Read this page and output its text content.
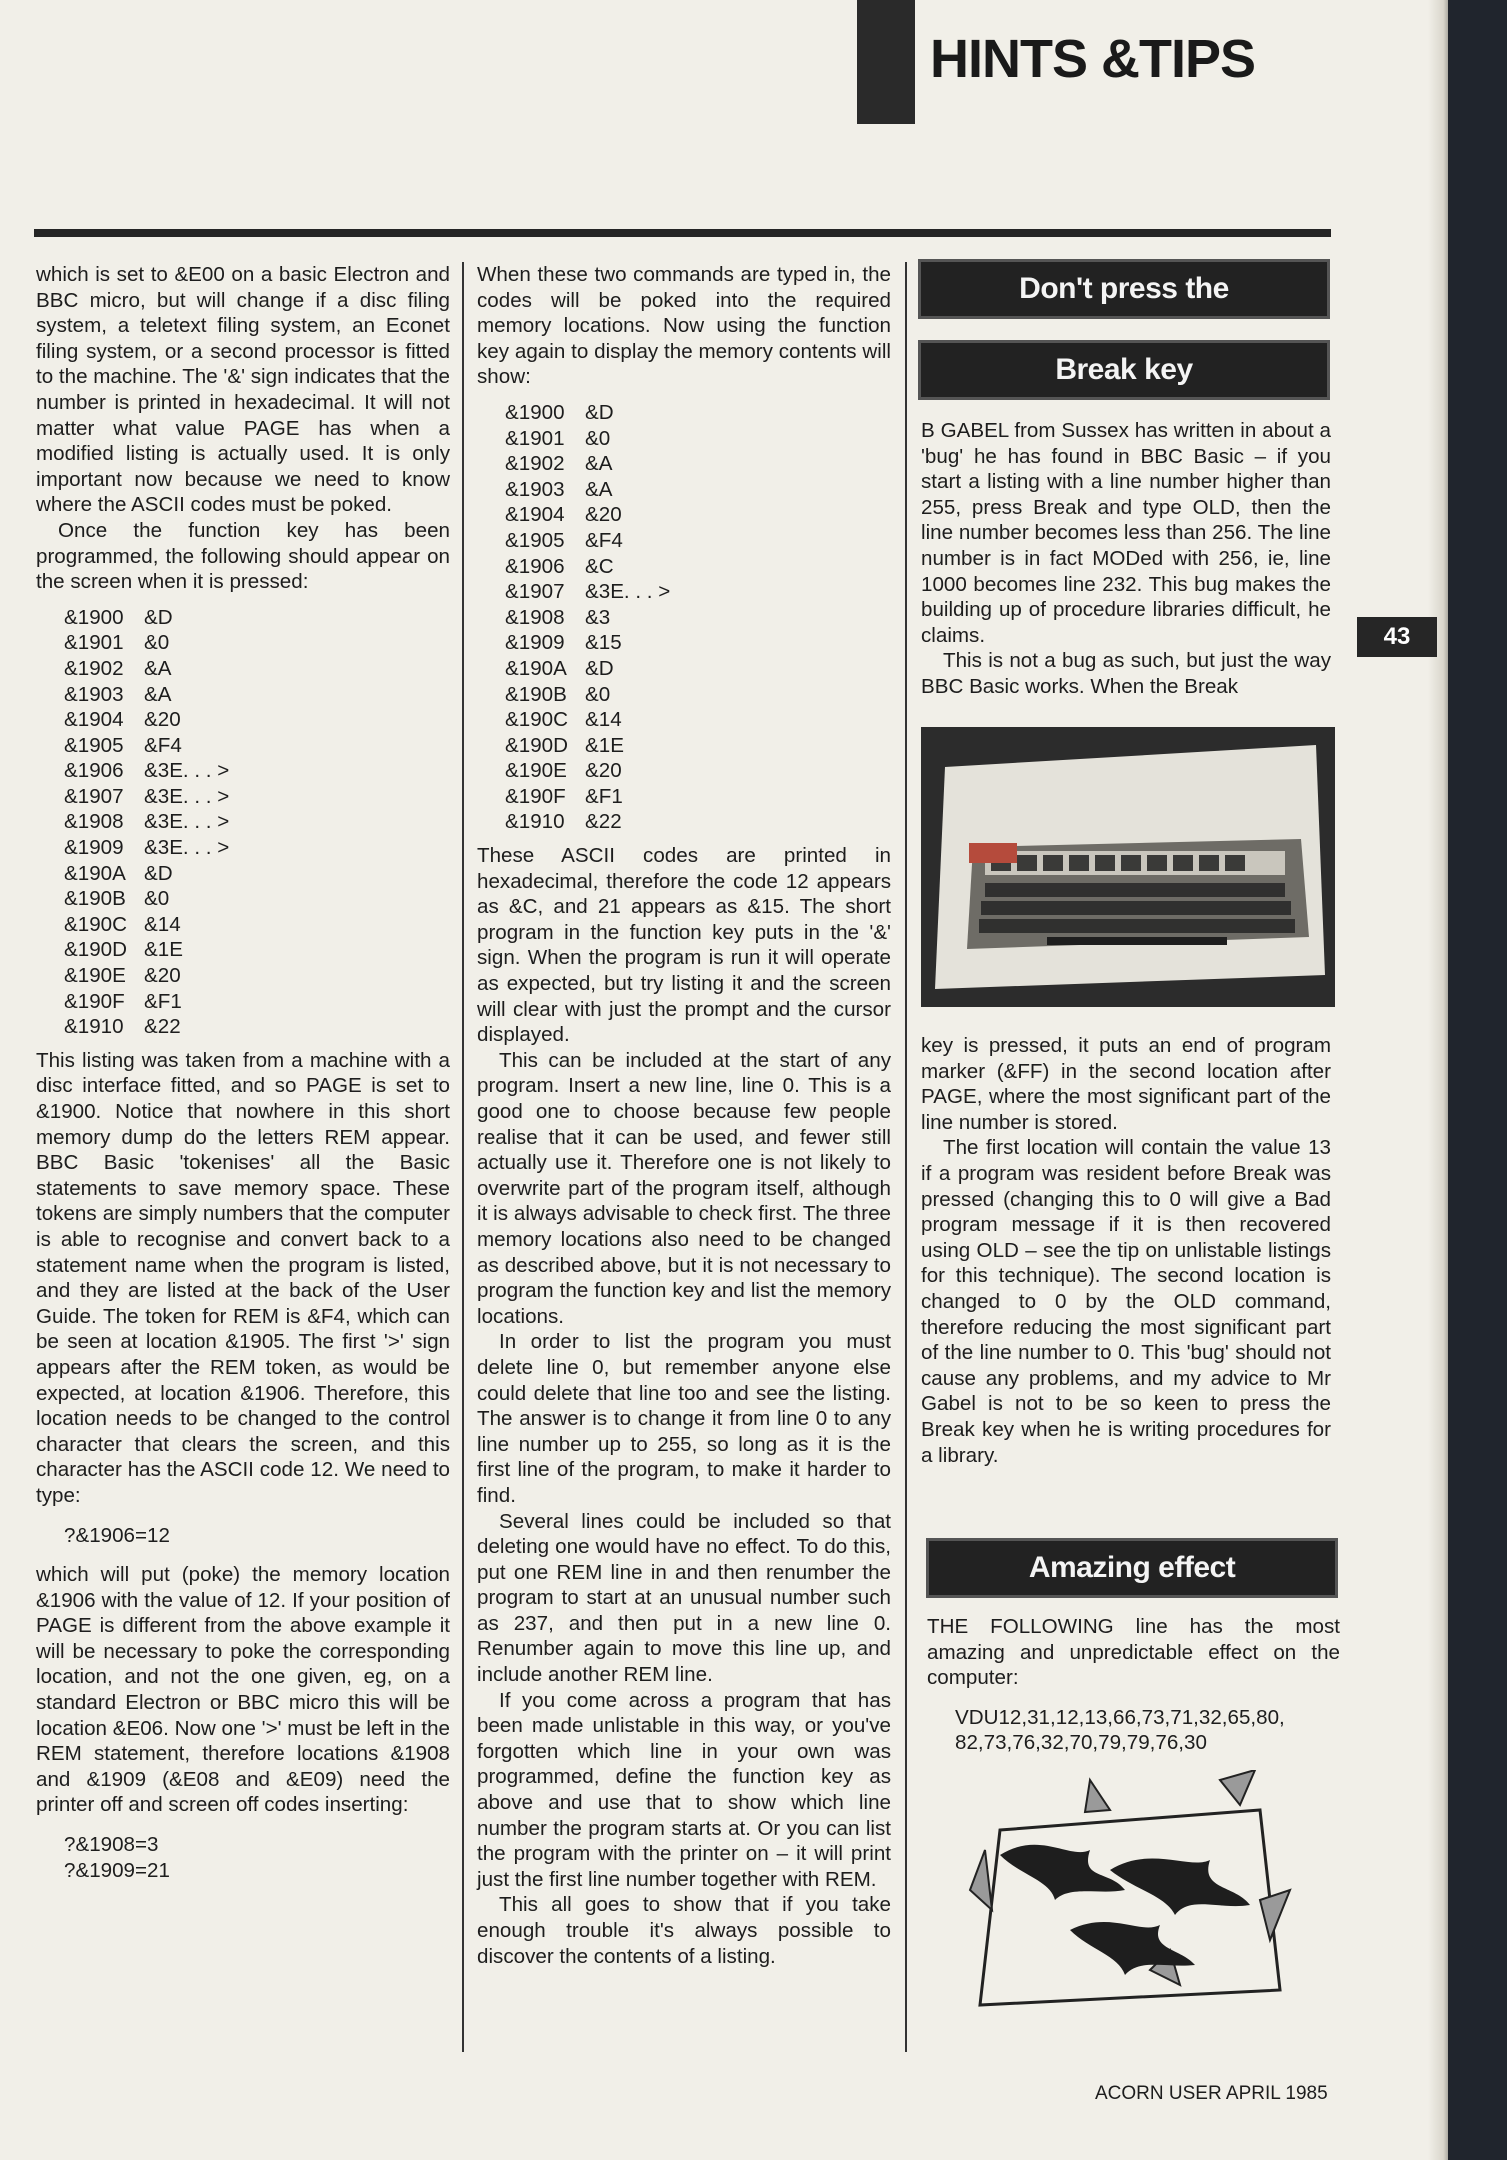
HINTS &TIPS

which is set to &E00 on a basic Electron and BBC micro, but will change if a disc filing system, a teletext filing system, an Econet filing system, or a second processor is fitted to the machine. The '&' sign indicates that the number is printed in hexadecimal. It will not matter what value PAGE has when a modified listing is actually used. It is only important now because we need to know where the ASCII codes must be poked.

Once the function key has been programmed, the following should appear on the screen when it is pressed:

&1900 &D
&1901 &0
&1902 &A
&1903 &A
&1904 &20
&1905 &F4
&1906 &3E. . . >
&1907 &3E. . . >
&1908 &3E. . . >
&1909 &3E. . . >
&190A &D
&190B &0
&190C &14
&190D &1E
&190E &20
&190F &F1
&1910 &22

This listing was taken from a machine with a disc interface fitted, and so PAGE is set to &1900. Notice that nowhere in this short memory dump do the letters REM appear. BBC Basic 'tokenises' all the Basic statements to save memory space. These tokens are simply numbers that the computer is able to recognise and convert back to a statement name when the program is listed, and they are listed at the back of the User Guide. The token for REM is &F4, which can be seen at location &1905. The first '>' sign appears after the REM token, as would be expected, at location &1906. Therefore, this location needs to be changed to the control character that clears the screen, and this character has the ASCII code 12. We need to type:

?&1906=12

which will put (poke) the memory location &1906 with the value of 12. If your position of PAGE is different from the above example it will be necessary to poke the corresponding location, and not the one given, eg, on a standard Electron or BBC micro this will be location &E06. Now one '>' must be left in the REM statement, therefore locations &1908 and &1909 (&E08 and &E09) need the printer off and screen off codes inserting:

?&1908=3
?&1909=21

When these two commands are typed in, the codes will be poked into the required memory locations. Now using the function key again to display the memory contents will show:

&1900 &D
&1901 &0
&1902 &A
&1903 &A
&1904 &20
&1905 &F4
&1906 &C
&1907 &3E. . . >
&1908 &3
&1909 &15
&190A &D
&190B &0
&190C &14
&190D &1E
&190E &20
&190F &F1
&1910 &22

These ASCII codes are printed in hexadecimal, therefore the code 12 appears as &C, and 21 appears as &15. The short program in the function key puts in the '&' sign. When the program is run it will operate as expected, but try listing it and the screen will clear with just the prompt and the cursor displayed.

This can be included at the start of any program. Insert a new line, line 0. This is a good one to choose because few people realise that it can be used, and fewer still actually use it. Therefore one is not likely to overwrite part of the program itself, although it is always advisable to check first. The three memory locations also need to be changed as described above, but it is not necessary to program the function key and list the memory locations.

In order to list the program you must delete line 0, but remember anyone else could delete that line too and see the listing. The answer is to change it from line 0 to any line number up to 255, so long as it is the first line of the program, to make it harder to find.

Several lines could be included so that deleting one would have no effect. To do this, put one REM line in and then renumber the program to start at an unusual number such as 237, and then put in a new line 0. Renumber again to move this line up, and include another REM line.

If you come across a program that has been made unlistable in this way, or you've forgotten which line in your own was programmed, define the function key as above and use that to show which line number the program starts at. Or you can list the program with the printer on – it will print just the first line number together with REM.

This all goes to show that if you take enough trouble it's always possible to discover the contents of a listing.

Don't press the
Break key

B GABEL from Sussex has written in about a 'bug' he has found in BBC Basic – if you start a listing with a line number higher than 255, press Break and type OLD, then the line number becomes less than 256. The line number is in fact MODed with 256, ie, line 1000 becomes line 232. This bug makes the building up of procedure libraries difficult, he claims.

This is not a bug as such, but just the way BBC Basic works. When the Break

key is pressed, it puts an end of program marker (&FF) in the second location after PAGE, where the most significant part of the line number is stored.

The first location will contain the value 13 if a program was resident before Break was pressed (changing this to 0 will give a Bad program message if it is then recovered using OLD – see the tip on unlistable listings for this technique). The second location is changed to 0 by the OLD command, therefore reducing the most significant part of the line number to 0. This 'bug' should not cause any problems, and my advice to Mr Gabel is not to be so keen to press the Break key when he is writing procedures for a library.

Amazing effect

THE FOLLOWING line has the most amazing and unpredictable effect on the computer:

VDU12,31,12,13,66,73,71,32,65,80,
82,73,76,32,70,79,79,76,30
43
ACORN USER APRIL 1985
